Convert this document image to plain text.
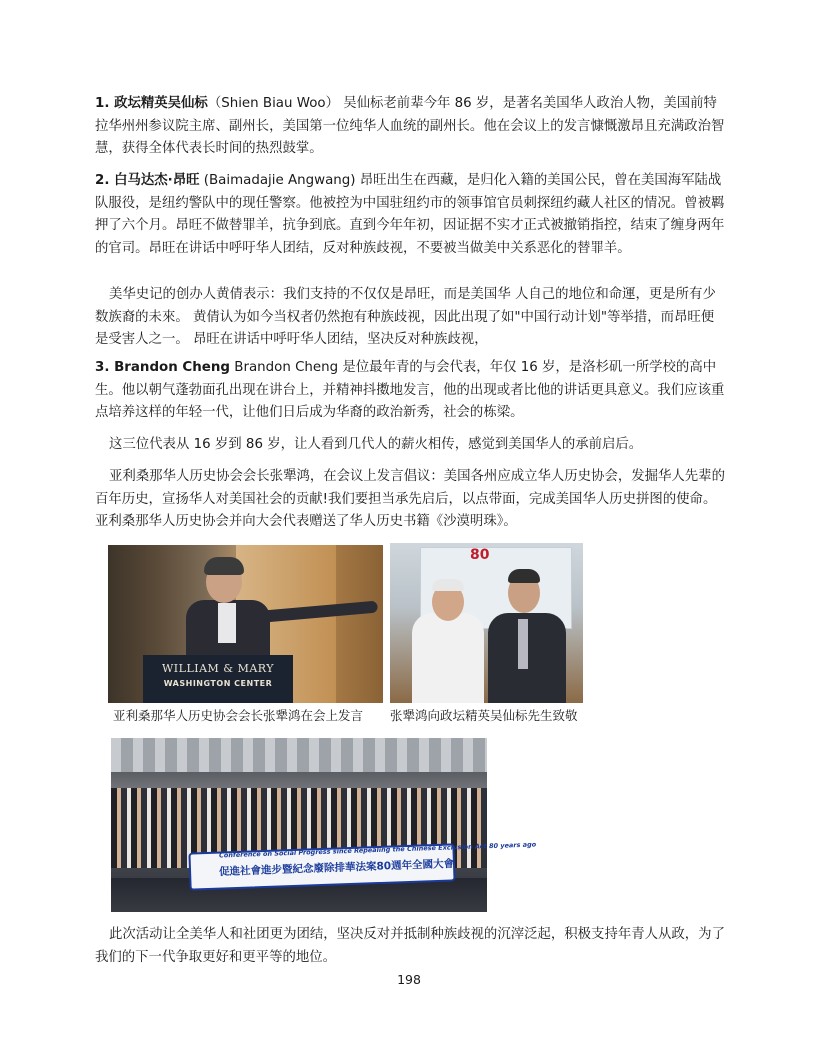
1. 政坛精英吴仙标（Shien Biau Woo） 吴仙标老前辈今年 86 岁，是著名美国华人政治人物，美国前特拉华州州参议院主席、副州长，美国第一位纯华人血统的副州长。他在会议上的发言慷慨激昂且充满政治智慧，获得全体代表长时间的热烈鼓掌。

2. 白马达杰·昂旺 (Baimadajie Angwang) 昂旺出生在西藏，是归化入籍的美国公民，曾在美国海军陆战队服役，是纽约警队中的现任警察。他被控为中国驻纽约市的领事馆官员刺探纽约藏人社区的情况。曾被羁押了六个月。昂旺不做替罪羊，抗争到底。直到今年年初，因证据不实才正式被撤销指控，结束了缠身两年的官司。昂旺在讲话中呼吁华人团结，反对种族歧视，不要被当做美中关系恶化的替罪羊。

美华史记的创办人黄倩表示：我们支持的不仅仅是昂旺，而是美国华 人自己的地位和命運，更是所有少数族裔的未來。 黄倩认为如今当权者仍然抱有种族歧视，因此出現了如"中国行动计划"等举措，而昂旺便是受害人之一。 昂旺在讲话中呼吁华人团结，坚决反对种族歧视，

3. Brandon Cheng Brandon Cheng 是位最年青的与会代表，年仅 16 岁，是洛杉矶一所学校的高中生。他以朝气蓬勃面孔出现在讲台上，并精神抖擞地发言，他的出现或者比他的讲话更具意义。我们应该重点培养这样的年轻一代，让他们日后成为华裔的政治新秀，社会的栋梁。

这三位代表从 16 岁到 86 岁，让人看到几代人的薪火相传，感觉到美国华人的承前启后。

亚利桑那华人历史协会会长张犟鸿，在会议上发言倡议：美国各州应成立华人历史协会，发掘华人先辈的百年历史，宣扬华人对美国社会的贡献!我们要担当承先启后，以点带面，完成美国华人历史拼图的使命。亚利桑那华人历史协会并向大会代表赠送了华人历史书籍《沙漠明珠》。

WILLIAM & MARY
WASHINGTON CENTER
80

亚利桑那华人历史协会会长张犟鸿在会上发言 张犟鸿向政坛精英吴仙标先生致敬

Conference on Social Progress since Repealing the Chinese Exclusion Act 80 years ago
促進社會進步暨紀念廢除排華法案80週年全國大會

此次活动让全美华人和社团更为团结，坚决反对并抵制种族歧视的沉滓泛起，积极支持年青人从政，为了我们的下一代争取更好和更平等的地位。

198
